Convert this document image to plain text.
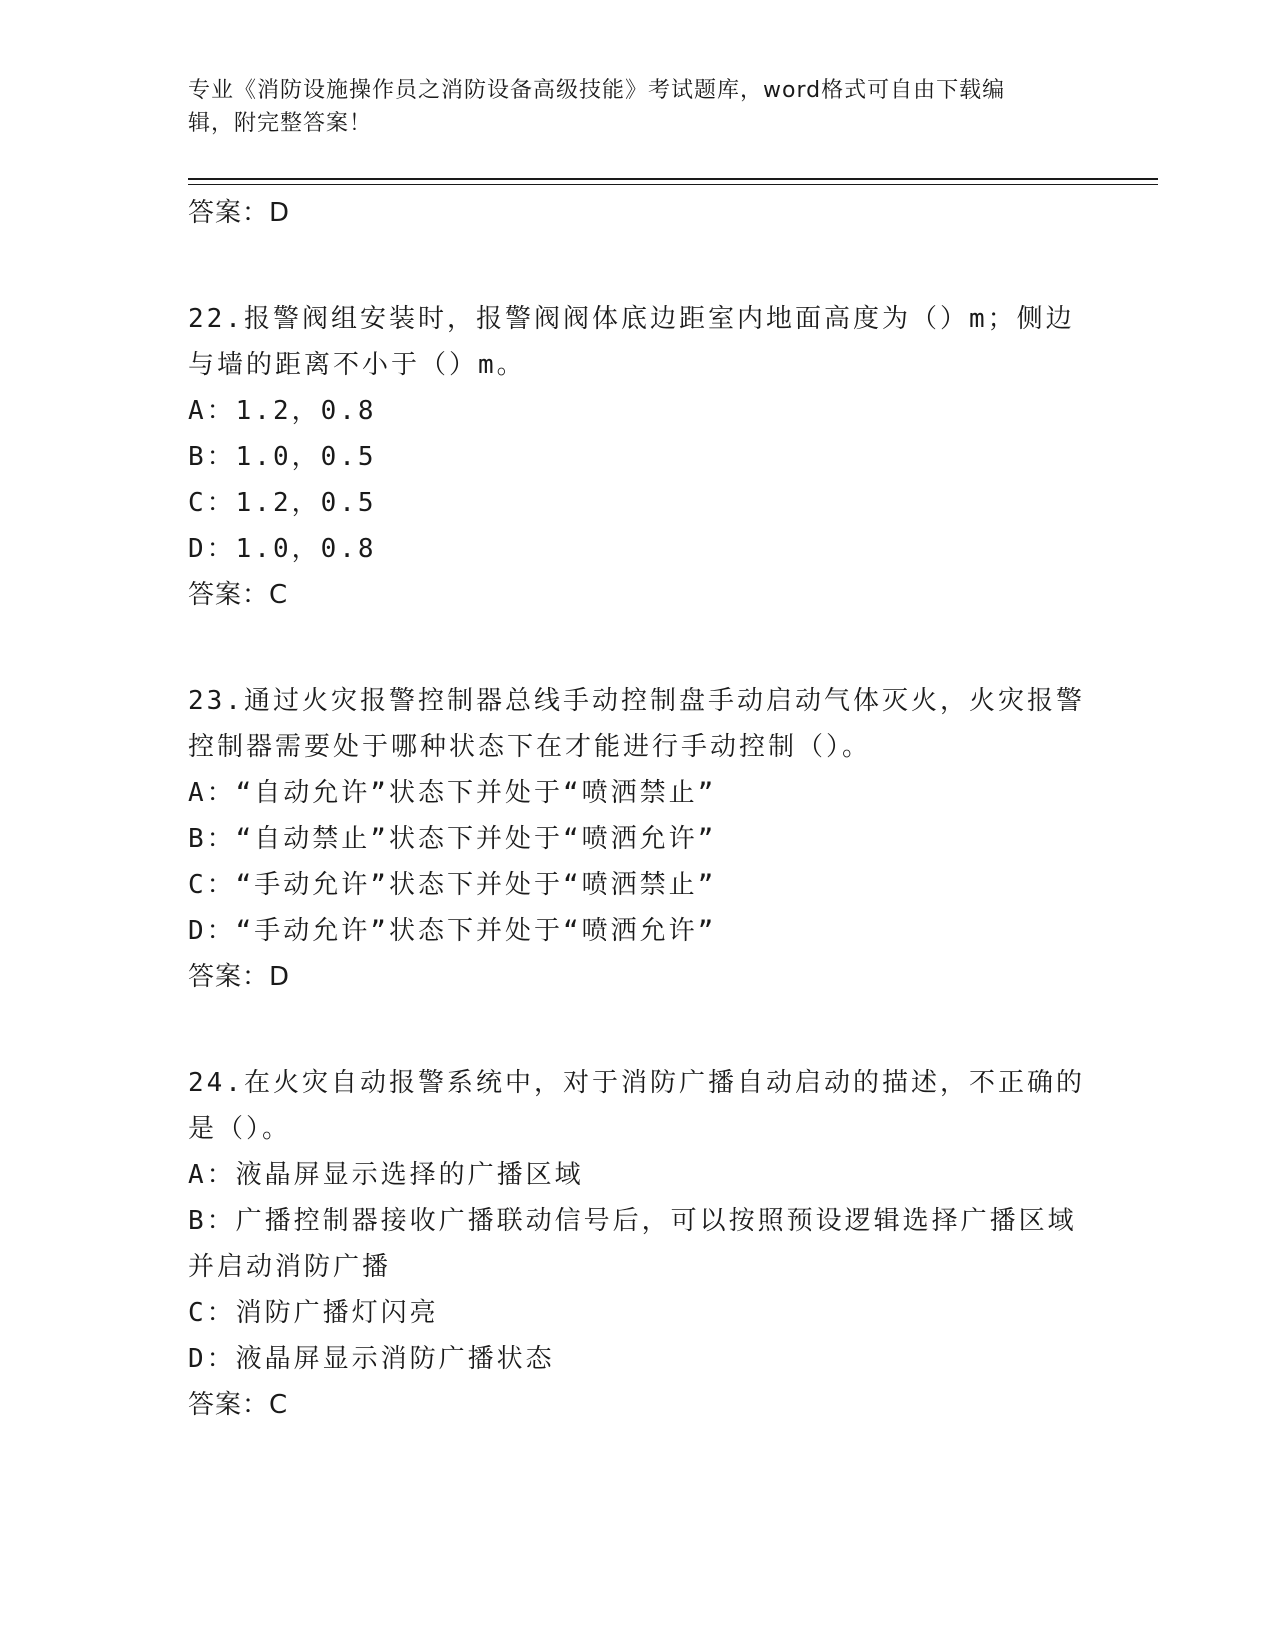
专业《消防设施操作员之消防设备高级技能》考试题库，word格式可自由下载编
辑，附完整答案！
答案：D
22.报警阀组安装时，报警阀阀体底边距室内地面高度为（）m；侧边
与墙的距离不小于（）m。
A：1.2，0.8
B：1.0，0.5
C：1.2，0.5
D：1.0，0.8
答案：C
23.通过火灾报警控制器总线手动控制盘手动启动气体灭火，火灾报警
控制器需要处于哪种状态下在才能进行手动控制（）。
A：“自动允许”状态下并处于“喷洒禁止”
B：“自动禁止”状态下并处于“喷洒允许”
C：“手动允许”状态下并处于“喷洒禁止”
D：“手动允许”状态下并处于“喷洒允许”
答案：D
24.在火灾自动报警系统中，对于消防广播自动启动的描述，不正确的
是（）。
A：液晶屏显示选择的广播区域
B：广播控制器接收广播联动信号后，可以按照预设逻辑选择广播区域
并启动消防广播
C：消防广播灯闪亮
D：液晶屏显示消防广播状态
答案：C
